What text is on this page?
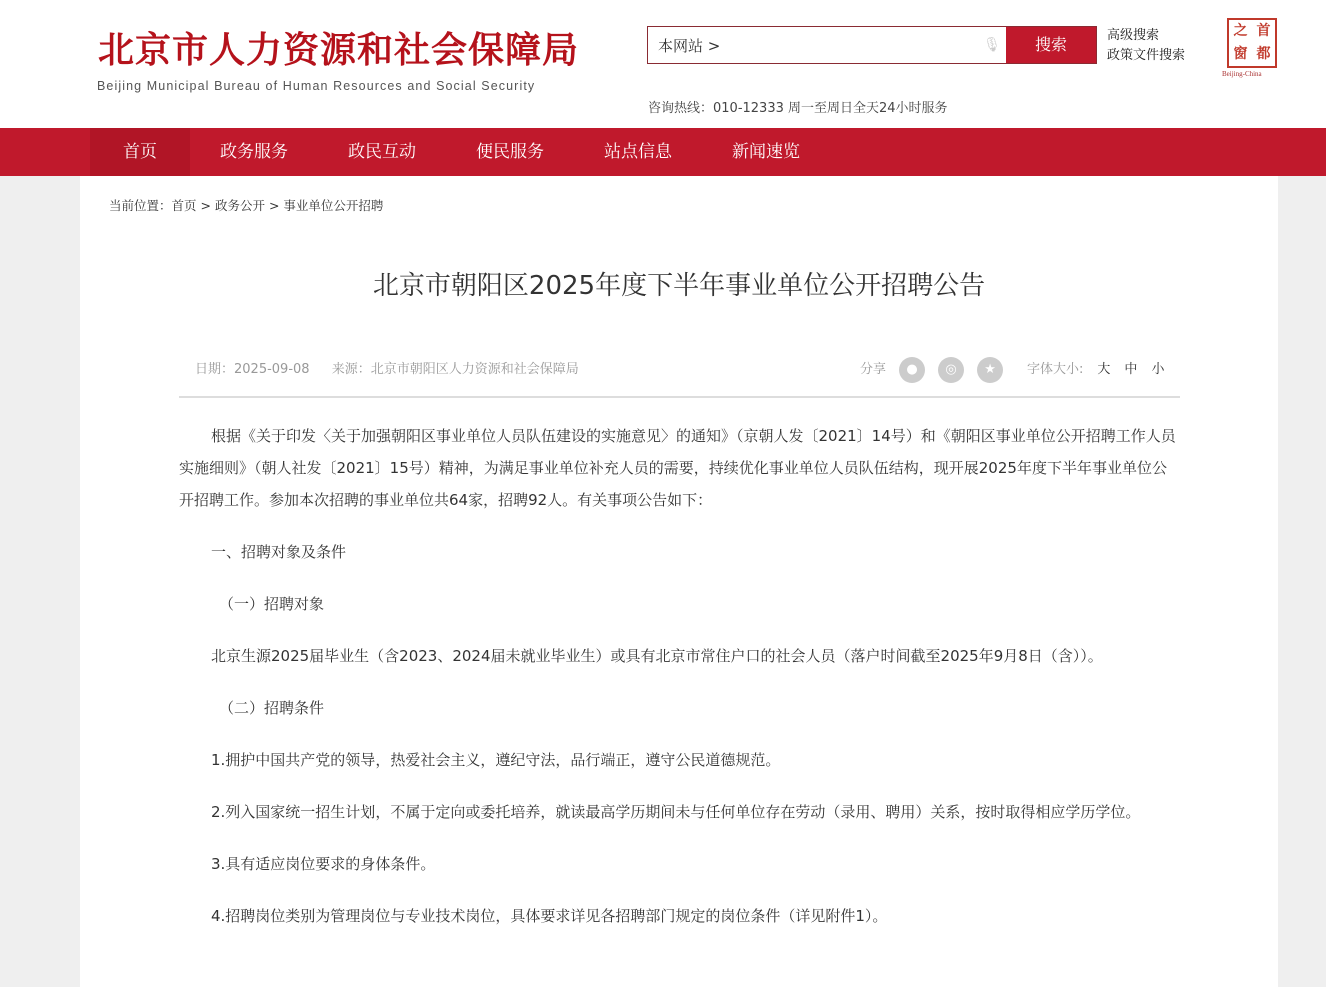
北京市人力资源和社会保障局
Beijing Municipal Bureau of Human Resources and Social Security
本网站 >
🎙	搜索	高级搜索
政策文件搜索
之 首
窗 都
Beijing-China
咨询热线：010-12333 周一至周日全天24小时服务
首页	政务服务	政民互动	便民服务	站点信息	新闻速览
当前位置：首页 > 政务公开 > 事业单位公开招聘
北京市朝阳区2025年度下半年事业单位公开招聘公告
日期：2025-09-08 来源：北京市朝阳区人力资源和社会保障局	分享	●	◎	★	字体大小: 大 中 小

根据《关于印发〈关于加强朝阳区事业单位人员队伍建设的实施意见〉的通知》（京朝人发〔2021〕14号）和《朝阳区事业单位公开招聘工作人员实施细则》（朝人社发〔2021〕15号）精神，为满足事业单位补充人员的需要，持续优化事业单位人员队伍结构，现开展2025年度下半年事业单位公开招聘工作。参加本次招聘的事业单位共64家，招聘92人。有关事项公告如下：

一、招聘对象及条件

（一）招聘对象

北京生源2025届毕业生（含2023、2024届未就业毕业生）或具有北京市常住户口的社会人员（落户时间截至2025年9月8日（含））。

（二）招聘条件

1.拥护中国共产党的领导，热爱社会主义，遵纪守法，品行端正，遵守公民道德规范。

2.列入国家统一招生计划，不属于定向或委托培养，就读最高学历期间未与任何单位存在劳动（录用、聘用）关系，按时取得相应学历学位。

3.具有适应岗位要求的身体条件。

4.招聘岗位类别为管理岗位与专业技术岗位，具体要求详见各招聘部门规定的岗位条件（详见附件1）。
